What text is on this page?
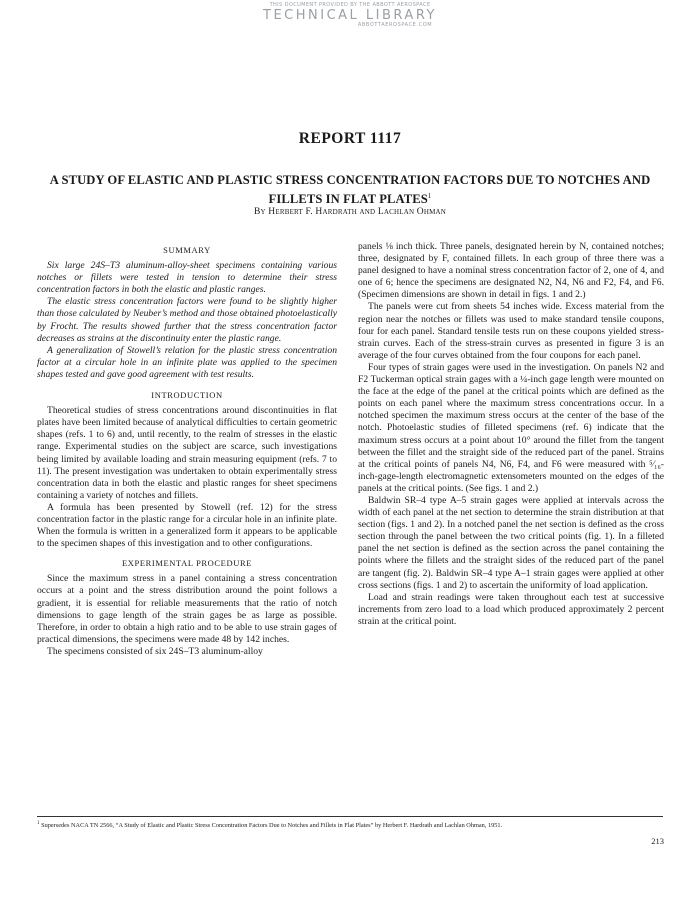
THIS DOCUMENT PROVIDED BY THE ABBOTT AEROSPACE
TECHNICAL LIBRARY
ABBOTTAEROSPACE.COM
REPORT 1117
A STUDY OF ELASTIC AND PLASTIC STRESS CONCENTRATION FACTORS DUE TO NOTCHES AND FILLETS IN FLAT PLATES$^1$
By Herbert F. Hardrath and Lachlan Ohman
SUMMARY

Six large 24S–T3 aluminum-alloy-sheet specimens containing various notches or fillets were tested in tension to determine their stress concentration factors in both the elastic and plastic ranges.

The elastic stress concentration factors were found to be slightly higher than those calculated by Neuber’s method and those obtained photoelastically by Frocht. The results showed further that the stress concentration factor decreases as strains at the discontinuity enter the plastic range.

A generalization of Stowell’s relation for the plastic stress concentration factor at a circular hole in an infinite plate was applied to the specimen shapes tested and gave good agreement with test results.

INTRODUCTION

Theoretical studies of stress concentrations around discontinuities in flat plates have been limited because of analytical difficulties to certain geometric shapes (refs. 1 to 6) and, until recently, to the realm of stresses in the elastic range. Experimental studies on the subject are scarce, such investigations being limited by available loading and strain measuring equipment (refs. 7 to 11). The present investigation was undertaken to obtain experimentally stress concentration data in both the elastic and plastic ranges for sheet specimens containing a variety of notches and fillets.

A formula has been presented by Stowell (ref. 12) for the stress concentration factor in the plastic range for a circular hole in an infinite plate. When the formula is written in a generalized form it appears to be applicable to the specimen shapes of this investigation and to other configurations.

EXPERIMENTAL PROCEDURE

Since the maximum stress in a panel containing a stress concentration occurs at a point and the stress distribution around the point follows a gradient, it is essential for reliable measurements that the ratio of notch dimensions to gage length of the strain gages be as large as possible. Therefore, in order to obtain a high ratio and to be able to use strain gages of practical dimensions, the specimens were made 48 by 142 inches.

The specimens consisted of six 24S–T3 aluminum-alloy

panels ⅛ inch thick. Three panels, designated herein by N, contained notches; three, designated by F, contained fillets. In each group of three there was a panel designed to have a nominal stress concentration factor of 2, one of 4, and one of 6; hence the specimens are designated N2, N4, N6 and F2, F4, and F6. (Specimen dimensions are shown in detail in figs. 1 and 2.)

The panels were cut from sheets 54 inches wide. Excess material from the region near the notches or fillets was used to make standard tensile coupons, four for each panel. Standard tensile tests run on these coupons yielded stress-strain curves. Each of the stress-strain curves as presented in figure 3 is an average of the four curves obtained from the four coupons for each panel.

Four types of strain gages were used in the investigation. On panels N2 and F2 Tuckerman optical strain gages with a ¼-inch gage length were mounted on the face at the edge of the panel at the critical points which are defined as the points on each panel where the maximum stress concentrations occur. In a notched specimen the maximum stress occurs at the center of the base of the notch. Photoelastic studies of filleted specimens (ref. 6) indicate that the maximum stress occurs at a point about 10° around the fillet from the tangent between the fillet and the straight side of the reduced part of the panel. Strains at the critical points of panels N4, N6, F4, and F6 were measured with ⁵⁄₁₆-inch-gage-length electromagnetic extensometers mounted on the edges of the panels at the critical points. (See figs. 1 and 2.)

Baldwin SR–4 type A–5 strain gages were applied at intervals across the width of each panel at the net section to determine the strain distribution at that section (figs. 1 and 2). In a notched panel the net section is defined as the cross section through the panel between the two critical points (fig. 1). In a filleted panel the net section is defined as the section across the panel containing the points where the fillets and the straight sides of the reduced part of the panel are tangent (fig. 2). Baldwin SR–4 type A–1 strain gages were applied at other cross sections (figs. 1 and 2) to ascertain the uniformity of load application.

Load and strain readings were taken throughout each test at successive increments from zero load to a load which produced approximately 2 percent strain at the critical point.

$^1$ Supersedes NACA TN 2566, “A Study of Elastic and Plastic Stress Concentration Factors Due to Notches and Fillets in Flat Plates” by Herbert F. Hardrath and Lachlan Ohman, 1951.
213
